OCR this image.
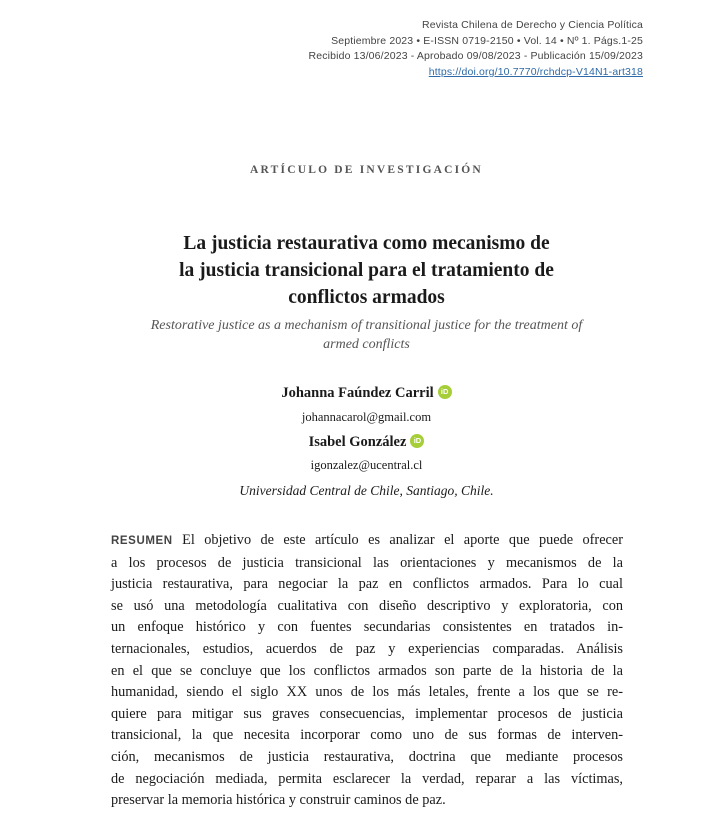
Revista Chilena de Derecho y Ciencia Política
Septiembre 2023 • E-ISSN 0719-2150 • Vol. 14 • Nº 1. Págs.1-25
Recibido 13/06/2023 - Aprobado 09/08/2023 - Publicación 15/09/2023
https://doi.org/10.7770/rchdcp-V14N1-art318
ARTÍCULO DE INVESTIGACIÓN
La justicia restaurativa como mecanismo de
la justicia transicional para el tratamiento de
conflictos armados
Restorative justice as a mechanism of transitional justice for the treatment of
armed conflicts
Johanna Faúndez Carril iD
johannacarol@gmail.com
Isabel González iD
igonzalez@ucentral.cl
Universidad Central de Chile, Santiago, Chile.
RESUMEN El objetivo de este artículo es analizar el aporte que puede ofrecer
a los procesos de justicia transicional las orientaciones y mecanismos de la
justicia restaurativa, para negociar la paz en conflictos armados. Para lo cual
se usó una metodología cualitativa con diseño descriptivo y exploratoria, con
un enfoque histórico y con fuentes secundarias consistentes en tratados in-
ternacionales, estudios, acuerdos de paz y experiencias comparadas. Análisis
en el que se concluye que los conflictos armados son parte de la historia de la
humanidad, siendo el siglo XX unos de los más letales, frente a los que se re-
quiere para mitigar sus graves consecuencias, implementar procesos de justicia
transicional, la que necesita incorporar como uno de sus formas de interven-
ción, mecanismos de justicia restaurativa, doctrina que mediante procesos
de negociación mediada, permita esclarecer la verdad, reparar a las víctimas,
preservar la memoria histórica y construir caminos de paz.
